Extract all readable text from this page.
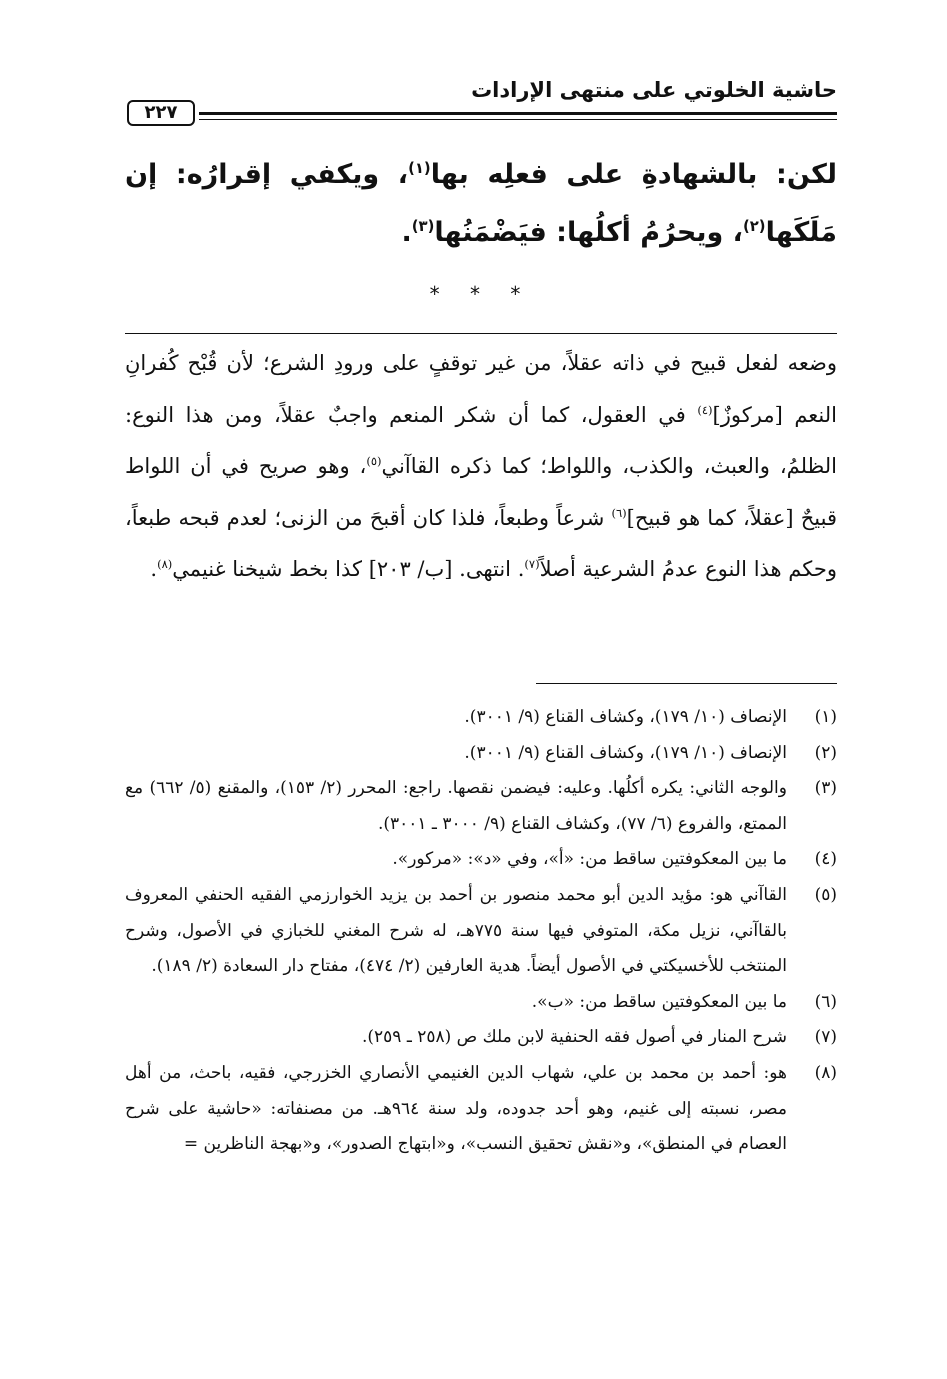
حاشية الخلوتي على منتهى الإرادات
٢٢٧
لكن: بالشهادةِ على فعلِه بها$^{(١)}$، ويكفي إقرارُه: إن مَلَكَها$^{(٢)}$، ويحرُمُ أكلُها: فيَضْمَنُها$^{(٣)}$.
* * *
وضعه لفعل قبيح في ذاته عقلاً، من غير توقفٍ على ورودِ الشرع؛ لأن قُبْح كُفرانِ النعم [مركوزٌ]$^{(٤)}$ في العقول، كما أن شكر المنعم واجبٌ عقلاً، ومن هذا النوع: الظلمُ، والعبث، والكذب، واللواط؛ كما ذكره القاآني$^{(٥)}$، وهو صريح في أن اللواط قبيحٌ [عقلاً، كما هو قبيح]$^{(٦)}$ شرعاً وطبعاً، فلذا كان أقبحَ من الزنى؛ لعدم قبحه طبعاً، وحكم هذا النوع عدمُ الشرعية أصلاً$^{(٧)}$. انتهى. [ب/ ٢٠٣] كذا بخط شيخنا غنيمي$^{(٨)}$.
(١)
الإنصاف (١٠/ ١٧٩)، وكشاف القناع (٩/ ٣٠٠١).
(٢)
الإنصاف (١٠/ ١٧٩)، وكشاف القناع (٩/ ٣٠٠١).
(٣)
والوجه الثاني: يكره أكلُها. وعليه: فيضمن نقصها. راجع: المحرر (٢/ ١٥٣)، والمقنع (٥/ ٦٦٢) مع الممتع، والفروع (٦/ ٧٧)، وكشاف القناع (٩/ ٣٠٠٠ ـ ٣٠٠١).
(٤)
ما بين المعكوفتين ساقط من: «أ»، وفي «د»: «مركور».
(٥)
القاآني هو: مؤيد الدين أبو محمد منصور بن أحمد بن يزيد الخوارزمي الفقيه الحنفي المعروف بالقاآني، نزيل مكة، المتوفي فيها سنة ٧٧٥هـ، له شرح المغني للخبازي في الأصول، وشرح المنتخب للأخسيكتي في الأصول أيضاً. هدية العارفين (٢/ ٤٧٤)، مفتاح دار السعادة (٢/ ١٨٩).
(٦)
ما بين المعكوفتين ساقط من: «ب».
(٧)
شرح المنار في أصول فقه الحنفية لابن ملك ص (٢٥٨ ـ ٢٥٩).
(٨)
هو: أحمد بن محمد بن علي، شهاب الدين الغنيمي الأنصاري الخزرجي، فقيه، باحث، من أهل مصر، نسبته إلى غنيم، وهو أحد جدوده، ولد سنة ٩٦٤هـ. من مصنفاته: «حاشية على شرح العصام في المنطق»، و«نقش تحقيق النسب»، و«ابتهاج الصدور»، و«بهجة الناظرين =
